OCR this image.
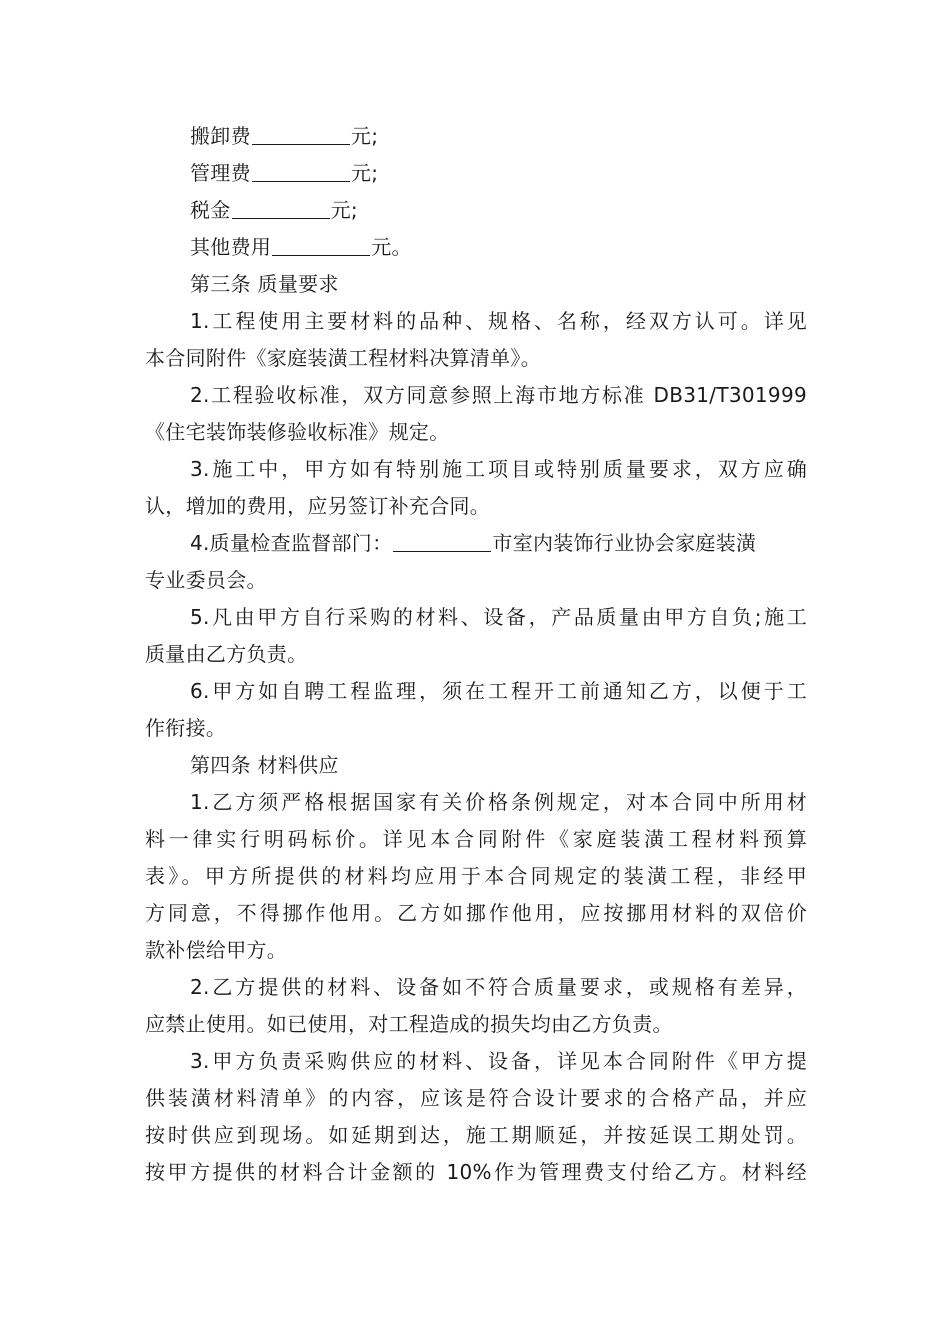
搬卸费	元;
管理费	元;
税金	元;
其他费用	元。
第三条 质量要求
1.工程使用主要材料的品种、规格、名称，经双方认可。详见
本合同附件《家庭装潢工程材料决算清单》。
2.工程验收标准，双方同意参照上海市地方标准 DB31/T301999
《住宅装饰装修验收标准》规定。
3.施工中，甲方如有特别施工项目或特别质量要求，双方应确
认，增加的费用，应另签订补充合同。
4.质量检查监督部门：	市室内装饰行业协会家庭装潢
专业委员会。
5.凡由甲方自行采购的材料、设备，产品质量由甲方自负;施工
质量由乙方负责。
6.甲方如自聘工程监理，须在工程开工前通知乙方，以便于工
作衔接。
第四条 材料供应
1.乙方须严格根据国家有关价格条例规定，对本合同中所用材
料一律实行明码标价。详见本合同附件《家庭装潢工程材料预算
表》。甲方所提供的材料均应用于本合同规定的装潢工程，非经甲
方同意，不得挪作他用。乙方如挪作他用，应按挪用材料的双倍价
款补偿给甲方。
2.乙方提供的材料、设备如不符合质量要求，或规格有差异，
应禁止使用。如已使用，对工程造成的损失均由乙方负责。
3.甲方负责采购供应的材料、设备，详见本合同附件《甲方提
供装潢材料清单》的内容，应该是符合设计要求的合格产品，并应
按时供应到现场。如延期到达，施工期顺延，并按延误工期处罚。
按甲方提供的材料合计金额的 10%作为管理费支付给乙方。材料经
